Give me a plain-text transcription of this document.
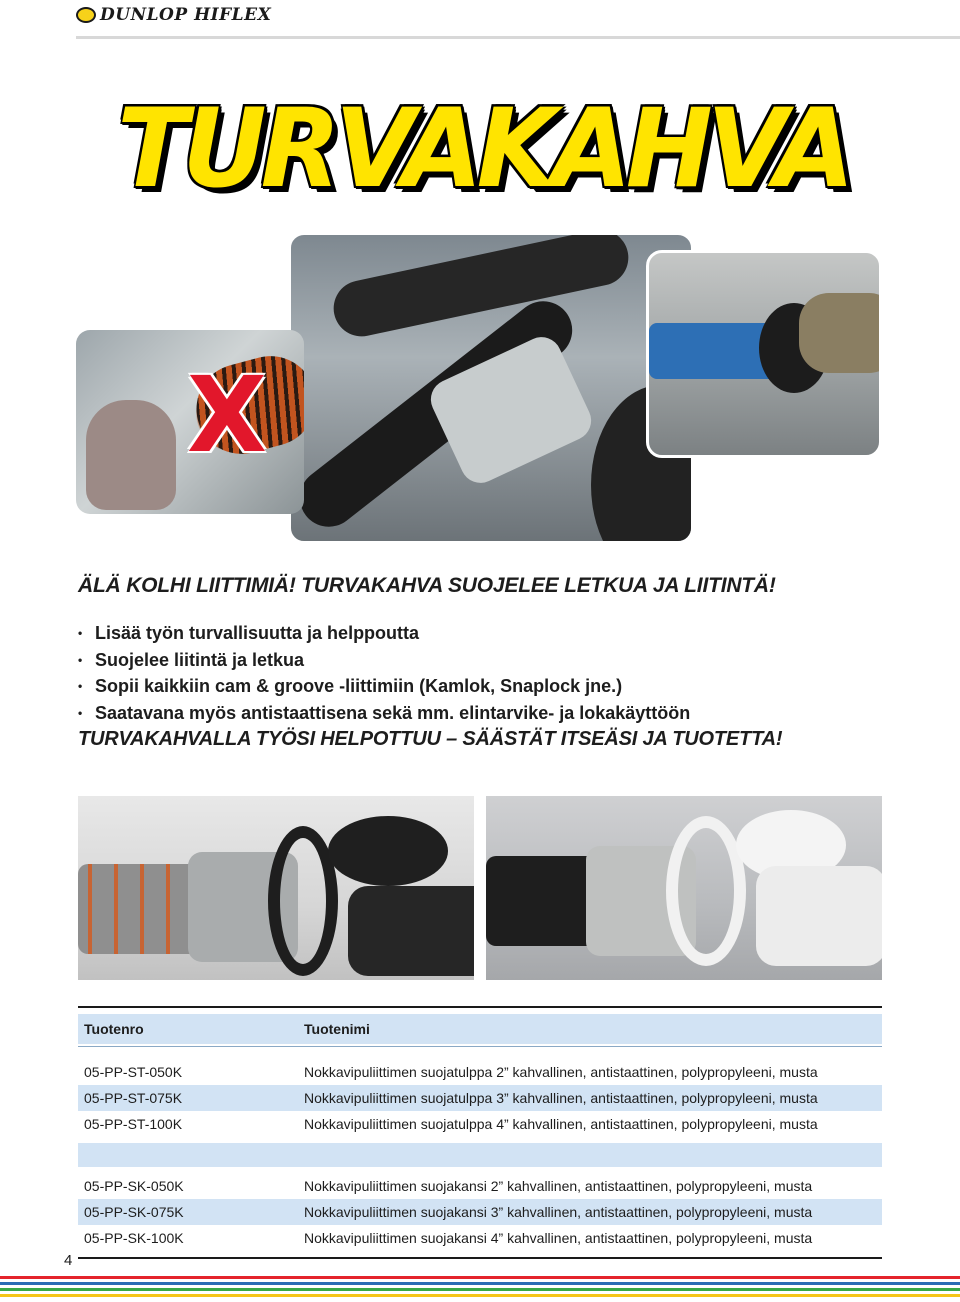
DUNLOP HIFLEX
TURVAKAHVA
X
ÄLÄ KOLHI LIITTIMIÄ! TURVAKAHVA SUOJELEE LETKUA JA LIITINTÄ!
• Lisää työn turvallisuutta ja helppoutta
• Suojelee liitintä ja letkua
• Sopii kaikkiin cam & groove -liittimiin (Kamlok, Snaplock jne.)
• Saatavana myös antistaattisena sekä mm. elintarvike- ja lokakäyttöön
TURVAKAHVALLA TYÖSI HELPOTTUU – SÄÄSTÄT ITSEÄSI JA TUOTETTA!
Tuotenro	Tuotenimi
05-PP-ST-050K	Nokkavipuliittimen suojatulppa 2” kahvallinen, antistaattinen, polypropyleeni, musta
05-PP-ST-075K	Nokkavipuliittimen suojatulppa 3” kahvallinen, antistaattinen, polypropyleeni, musta
05-PP-ST-100K	Nokkavipuliittimen suojatulppa 4” kahvallinen, antistaattinen, polypropyleeni, musta
05-PP-SK-050K	Nokkavipuliittimen suojakansi 2” kahvallinen, antistaattinen, polypropyleeni, musta
05-PP-SK-075K	Nokkavipuliittimen suojakansi 3” kahvallinen, antistaattinen, polypropyleeni, musta
05-PP-SK-100K	Nokkavipuliittimen suojakansi 4” kahvallinen, antistaattinen, polypropyleeni, musta
4
